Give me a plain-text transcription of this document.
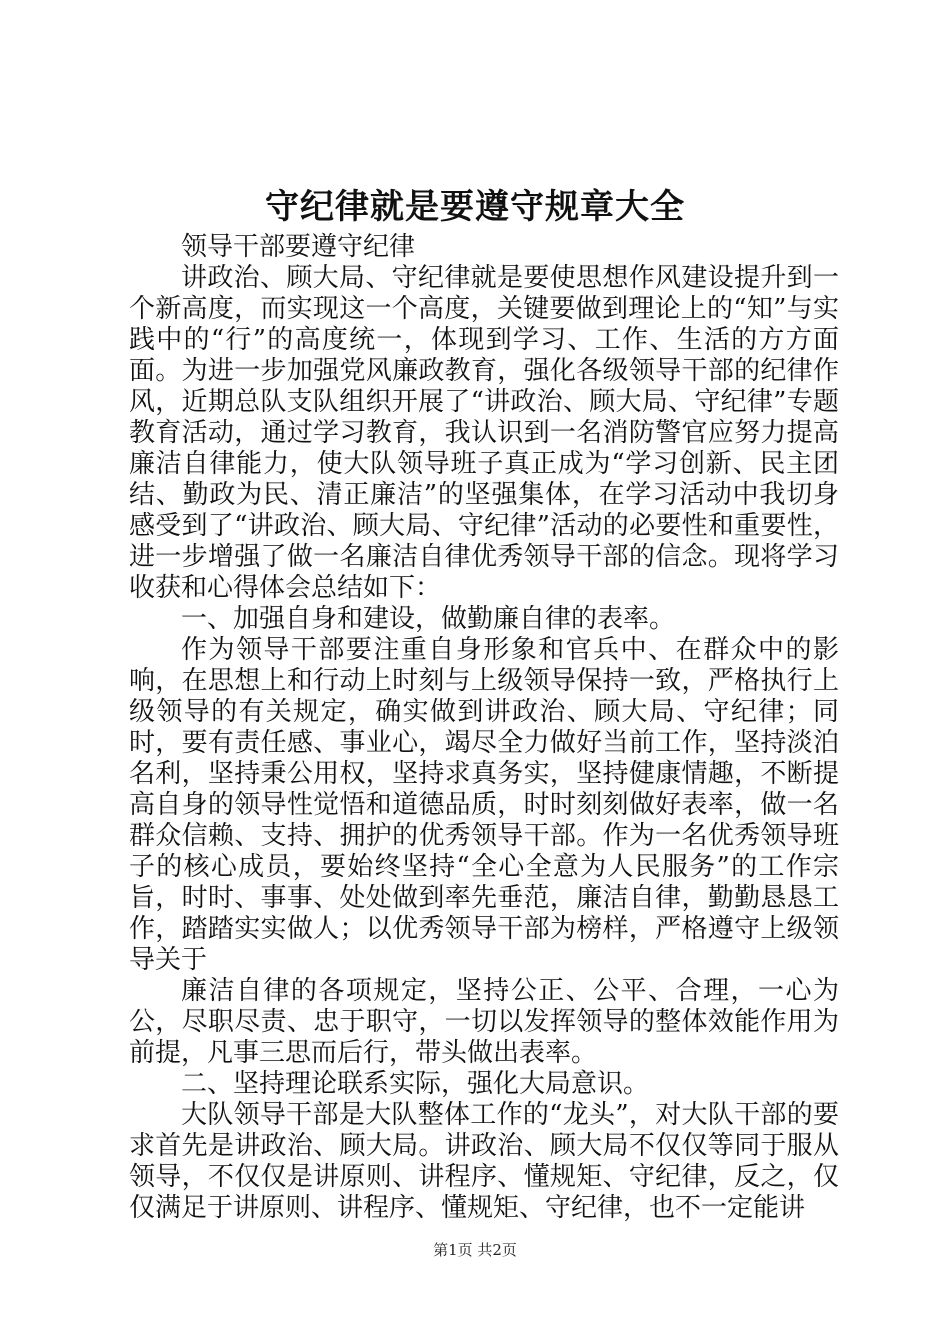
守纪律就是要遵守规章大全

领导干部要遵守纪律

讲政治、顾大局、守纪律就是要使思想作风建设提升到一个新高度，而实现这一个高度，关键要做到理论上的“知”与实践中的“行”的高度统一，体现到学习、工作、生活的方方面面。为进一步加强党风廉政教育，强化各级领导干部的纪律作风，近期总队支队组织开展了“讲政治、顾大局、守纪律”专题教育活动，通过学习教育，我认识到一名消防警官应努力提高廉洁自律能力，使大队领导班子真正成为“学习创新、民主团结、勤政为民、清正廉洁”的坚强集体，在学习活动中我切身感受到了“讲政治、顾大局、守纪律”活动的必要性和重要性，进一步增强了做一名廉洁自律优秀领导干部的信念。现将学习收获和心得体会总结如下：

一、加强自身和建设，做勤廉自律的表率。

作为领导干部要注重自身形象和官兵中、在群众中的影响，在思想上和行动上时刻与上级领导保持一致，严格执行上级领导的有关规定，确实做到讲政治、顾大局、守纪律；同时，要有责任感、事业心，竭尽全力做好当前工作，坚持淡泊名利，坚持秉公用权，坚持求真务实，坚持健康情趣，不断提高自身的领导性觉悟和道德品质，时时刻刻做好表率，做一名群众信赖、支持、拥护的优秀领导干部。作为一名优秀领导班子的核心成员，要始终坚持“全心全意为人民服务”的工作宗旨，时时、事事、处处做到率先垂范，廉洁自律，勤勤恳恳工作，踏踏实实做人；以优秀领导干部为榜样，严格遵守上级领导关于

廉洁自律的各项规定，坚持公正、公平、合理，一心为公，尽职尽责、忠于职守，一切以发挥领导的整体效能作用为前提，凡事三思而后行，带头做出表率。

二、坚持理论联系实际，强化大局意识。

大队领导干部是大队整体工作的“龙头”，对大队干部的要求首先是讲政治、顾大局。讲政治、顾大局不仅仅等同于服从领导，不仅仅是讲原则、讲程序、懂规矩、守纪律，反之，仅仅满足于讲原则、讲程序、懂规矩、守纪律，也不一定能讲

第1页 共2页
